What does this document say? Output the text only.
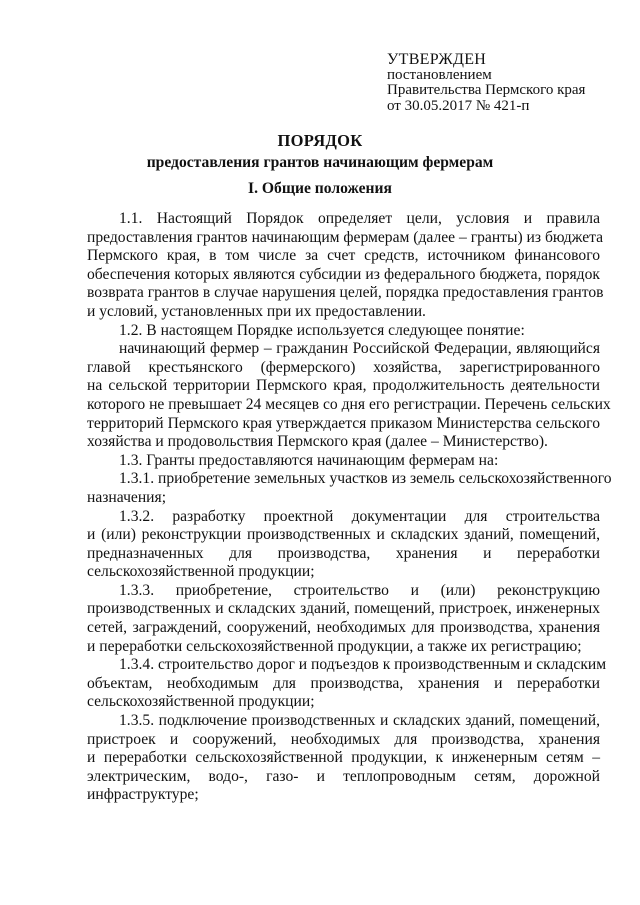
УТВЕРЖДЕН
постановлением
Правительства Пермского края
от 30.05.2017 № 421-п
ПОРЯДОК
предоставления грантов начинающим фермерам
I. Общие положения
1.1. Настоящий Порядок определяет цели, условия и правила
предоставления грантов начинающим фермерам (далее – гранты) из бюджета
Пермского края, в том числе за счет средств, источником финансового
обеспечения которых являются субсидии из федерального бюджета, порядок
возврата грантов в случае нарушения целей, порядка предоставления грантов
и условий, установленных при их предоставлении.
1.2. В настоящем Порядке используется следующее понятие:
начинающий фермер – гражданин Российской Федерации, являющийся
главой крестьянского (фермерского) хозяйства, зарегистрированного
на сельской территории Пермского края, продолжительность деятельности
которого не превышает 24 месяцев со дня его регистрации. Перечень сельских
территорий Пермского края утверждается приказом Министерства сельского
хозяйства и продовольствия Пермского края (далее – Министерство).
1.3. Гранты предоставляются начинающим фермерам на:
1.3.1. приобретение земельных участков из земель сельскохозяйственного
назначения;
1.3.2. разработку проектной документации для строительства
и (или) реконструкции производственных и складских зданий, помещений,
предназначенных для производства, хранения и переработки
сельскохозяйственной продукции;
1.3.3. приобретение, строительство и (или) реконструкцию
производственных и складских зданий, помещений, пристроек, инженерных
сетей, заграждений, сооружений, необходимых для производства, хранения
и переработки сельскохозяйственной продукции, а также их регистрацию;
1.3.4. строительство дорог и подъездов к производственным и складским
объектам, необходимым для производства, хранения и переработки
сельскохозяйственной продукции;
1.3.5. подключение производственных и складских зданий, помещений,
пристроек и сооружений, необходимых для производства, хранения
и переработки сельскохозяйственной продукции, к инженерным сетям –
электрическим, водо-, газо- и теплопроводным сетям, дорожной
инфраструктуре;
